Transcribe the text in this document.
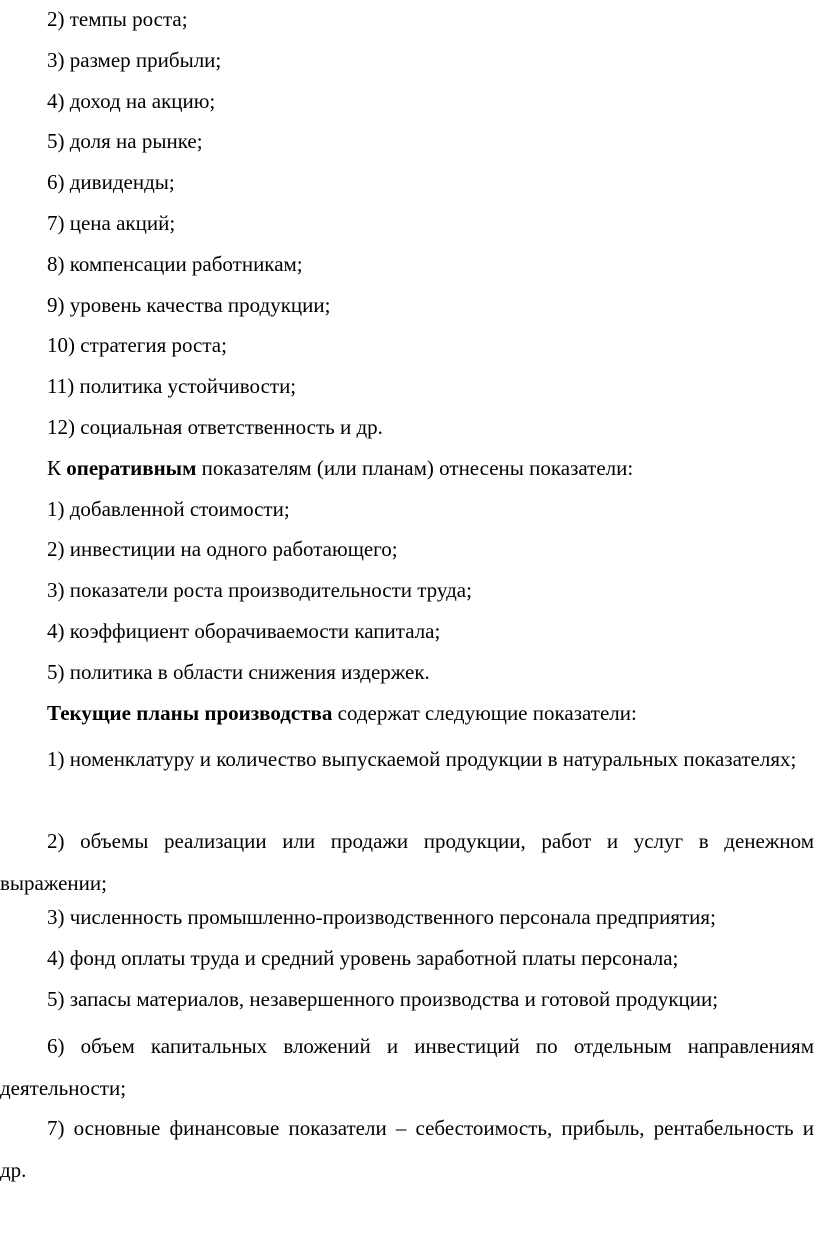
2) темпы роста;

3) размер прибыли;

4) доход на акцию;

5) доля на рынке;

6) дивиденды;

7) цена акций;

8) компенсации работникам;

9) уровень качества продукции;

10) стратегия роста;

11) политика устойчивости;

12) социальная ответственность и др.

К оперативным показателям (или планам) отнесены показатели:

1) добавленной стоимости;

2) инвестиции на одного работающего;

3) показатели роста производительности труда;

4) коэффициент оборачиваемости капитала;

5) политика в области снижения издержек.

Текущие планы производства содержат следующие показатели:

1) номенклатуру и количество выпускаемой продукции в натуральных показателях;

2) объемы реализации или продажи продукции, работ и услуг в денежном выражении;

3) численность промышленно-производственного персонала предприятия;

4) фонд оплаты труда и средний уровень заработной платы персонала;

5) запасы материалов, незавершенного производства и готовой продукции;

6) объем капитальных вложений и инвестиций по отдельным направлениям деятельности;

7) основные финансовые показатели – себестоимость, прибыль, рентабельность и др.
